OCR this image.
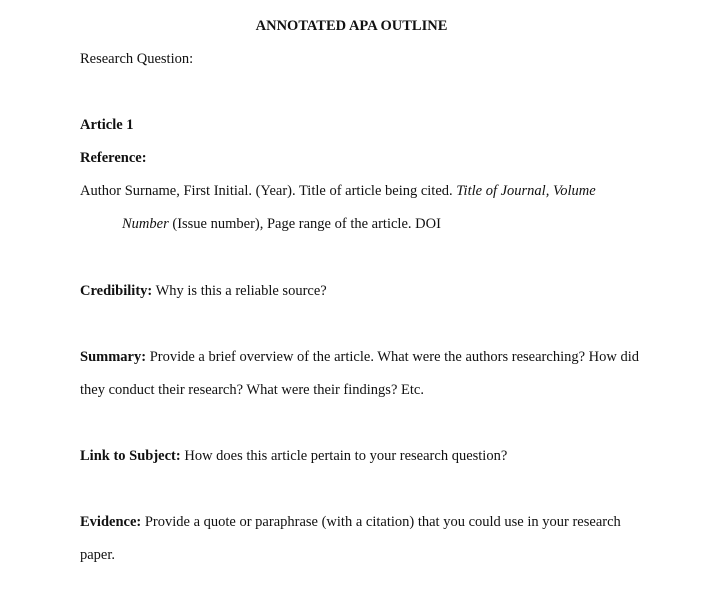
ANNOTATED APA OUTLINE
Research Question:
Article 1
Reference:
Author Surname, First Initial. (Year). Title of article being cited. Title of Journal, Volume
Number (Issue number), Page range of the article. DOI
Credibility: Why is this a reliable source?
Summary: Provide a brief overview of the article. What were the authors researching? How did
they conduct their research? What were their findings? Etc.
Link to Subject: How does this article pertain to your research question?
Evidence: Provide a quote or paraphrase (with a citation) that you could use in your research
paper.
